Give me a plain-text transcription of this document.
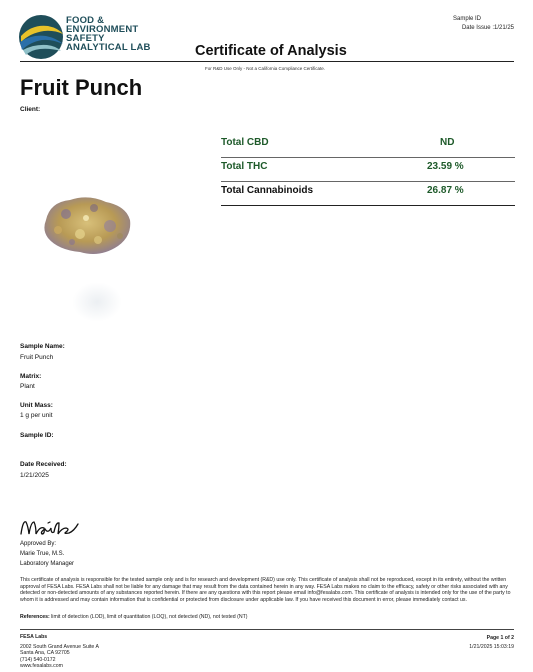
FOOD &
ENVIRONMENT
SAFETY
ANALYTICAL LAB
Sample ID
Date Issue :1/21/25
Certificate of Analysis
For R&D Use Only - Not a California Compliance Certificate.
Fruit Punch
Client:
Total CBD	ND
Total THC	23.59 %
Total Cannabinoids	26.87 %
Sample Name:
Fruit Punch
Matrix:
Plant
Unit Mass:
1 g per unit
Sample ID:
Date Received:
1/21/2025
Approved By:
Marie True, M.S.
Laboratory Manager
This certificate of analysis is responsible for the tested sample only and is for research and development (R&D) use only. This certificate of analysis shall not be reproduced, except in its entirety, without the written approval of FESA Labs. FESA Labs shall not be liable for any damage that may result from the data contained herein in any way. FESA Labs makes no claim to the efficacy, safety or other risks associated with any detected or non-detected amounts of any substances reported herein. If there are any questions with this report please email info@fesalabs.com. This certificate of analysis is intended only for the use of the party to whom it is addressed and may contain information that is confidential or protected from disclosure under applicable law. If you have received this document in error, please immediately contact us.
References: limit of detection (LOD), limit of quantitation (LOQ), not detected (ND), not tested (NT)
FESA Labs
2002 South Grand Avenue Suite A
Santa Ana, CA 92705
(714) 540-0172
www.fesalabs.com
Page 1 of 2
1/21/2025 15:03:19
